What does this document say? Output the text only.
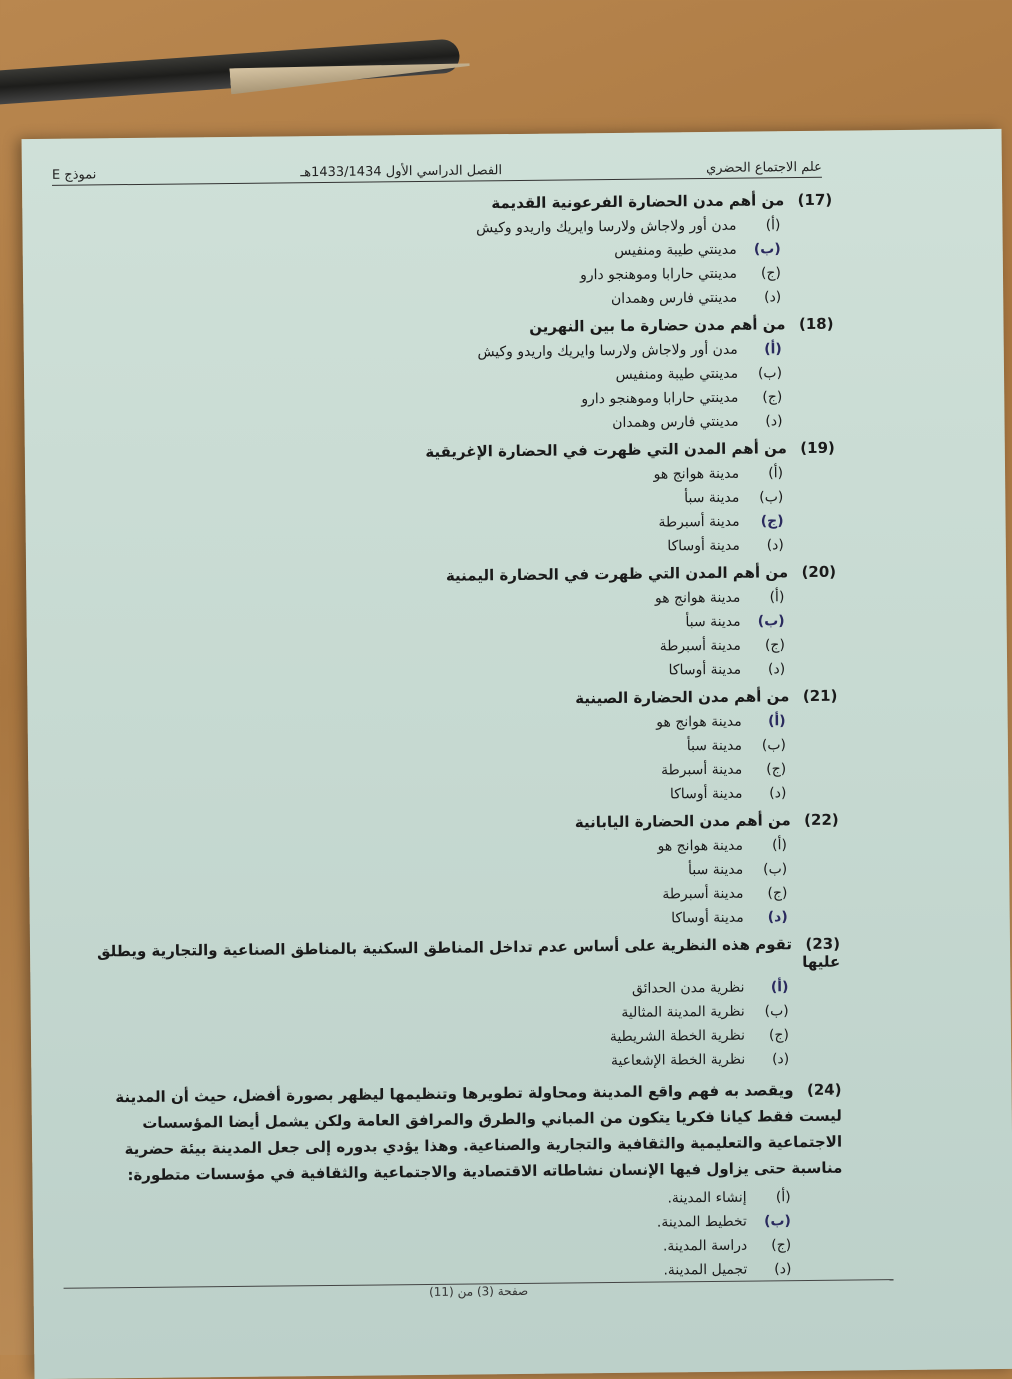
علم الاجتماع الحضري
الفصل الدراسي الأول 1433/1434هـ
نموذج E
(17)من أهم مدن الحضارة الفرعونية القديمة
(أ)مدن أور ولاجاش ولارسا وايريك واريدو وكيش
(ب)مدينتي طيبة ومنفيس
(ج)مدينتي حارابا وموهنجو دارو
(د)مدينتي فارس وهمدان
(18)من أهم مدن حضارة ما بين النهرين
(أ)مدن أور ولاجاش ولارسا وايريك واريدو وكيش
(ب)مدينتي طيبة ومنفيس
(ج)مدينتي حارابا وموهنجو دارو
(د)مدينتي فارس وهمدان
(19)من أهم المدن التي ظهرت في الحضارة الإغريقية
(أ)مدينة هوانج هو
(ب)مدينة سبأ
(ج)مدينة أسبرطة
(د)مدينة أوساكا
(20)من أهم المدن التي ظهرت في الحضارة اليمنية
(أ)مدينة هوانج هو
(ب)مدينة سبأ
(ج)مدينة أسبرطة
(د)مدينة أوساكا
(21)من أهم مدن الحضارة الصينية
(أ)مدينة هوانج هو
(ب)مدينة سبأ
(ج)مدينة أسبرطة
(د)مدينة أوساكا
(22)من أهم مدن الحضارة اليابانية
(أ)مدينة هوانج هو
(ب)مدينة سبأ
(ج)مدينة أسبرطة
(د)مدينة أوساكا
(23)تقوم هذه النظرية على أساس عدم تداخل المناطق السكنية بالمناطق الصناعية والتجارية ويطلق عليها
(أ)نظرية مدن الحدائق
(ب)نظرية المدينة المثالية
(ج)نظرية الخطة الشريطية
(د)نظرية الخطة الإشعاعية
(24)ويقصد به فهم واقع المدينة ومحاولة تطويرها وتنظيمها ليظهر بصورة أفضل، حيث أن المدينة ليست فقط كيانا فكريا يتكون من المباني والطرق والمرافق العامة ولكن يشمل أيضا المؤسسات الاجتماعية والتعليمية والثقافية والتجارية والصناعية. وهذا يؤدي بدوره إلى جعل المدينة بيئة حضرية مناسبة حتى يزاول فيها الإنسان نشاطاته الاقتصادية والاجتماعية والثقافية في مؤسسات متطورة:
(أ)إنشاء المدينة.
(ب)تخطيط المدينة.
(ج)دراسة المدينة.
(د)تجميل المدينة.
صفحة (3) من (11)
